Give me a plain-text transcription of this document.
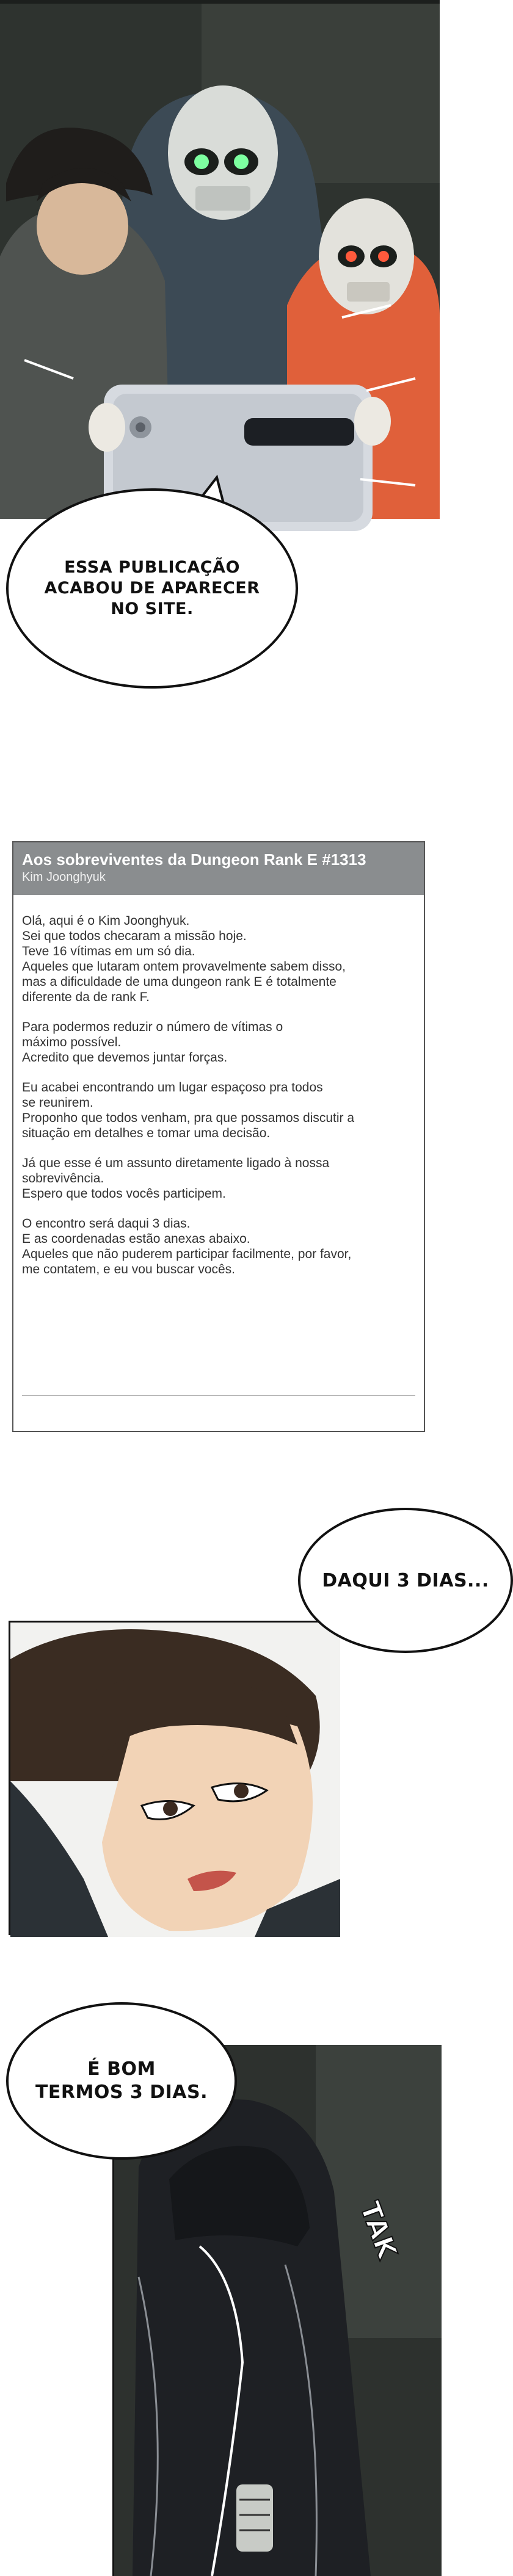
ESSA PUBLICAÇÃO
ACABOU DE APARECER
NO SITE.
Aos sobreviventes da Dungeon Rank E #1313
Kim Joonghyuk

Olá, aqui é o Kim Joonghyuk.
Sei que todos checaram a missão hoje.
Teve 16 vítimas em um só dia.
Aqueles que lutaram ontem provavelmente sabem disso,
mas a dificuldade de uma dungeon rank E é totalmente
diferente da de rank F.

Para podermos reduzir o número de vítimas o
máximo possível.
Acredito que devemos juntar forças.

Eu acabei encontrando um lugar espaçoso pra todos
se reunirem.
Proponho que todos venham, pra que possamos discutir a
situação em detalhes e tomar uma decisão.

Já que esse é um assunto diretamente ligado à nossa
sobrevivência.
Espero que todos vocês participem.

O encontro será daqui 3 dias.
E as coordenadas estão anexas abaixo.
Aqueles que não puderem participar facilmente, por favor,
me contatem, e eu vou buscar vocês.

DAQUI 3 DIAS...
É BOM
TERMOS 3 DIAS.
TAK
